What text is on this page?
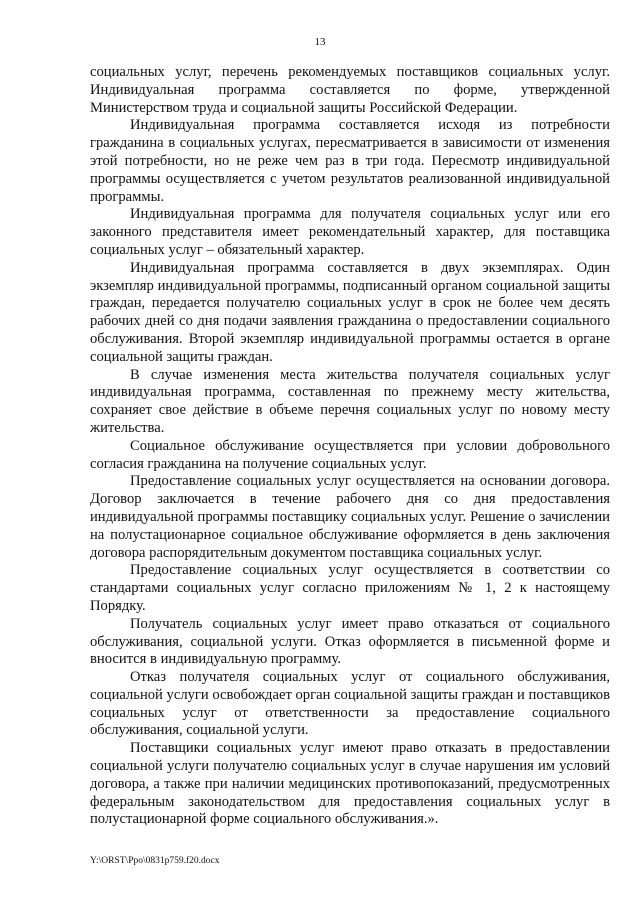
13

социальных услуг, перечень рекомендуемых поставщиков социальных услуг. Индивидуальная программа составляется по форме, утвержденной Министерством труда и социальной защиты Российской Федерации.

Индивидуальная программа составляется исходя из потребности гражданина в социальных услугах, пересматривается в зависимости от изменения этой потребности, но не реже чем раз в три года. Пересмотр индивидуальной программы осуществляется с учетом результатов реализованной индивидуальной программы.

Индивидуальная программа для получателя социальных услуг или его законного представителя имеет рекомендательный характер, для поставщика социальных услуг – обязательный характер.

Индивидуальная программа составляется в двух экземплярах. Один экземпляр индивидуальной программы, подписанный органом социальной защиты граждан, передается получателю социальных услуг в срок не более чем десять рабочих дней со дня подачи заявления гражданина о предоставлении социального обслуживания. Второй экземпляр индивидуальной программы остается в органе социальной защиты граждан.

В случае изменения места жительства получателя социальных услуг индивидуальная программа, составленная по прежнему месту жительства, сохраняет свое действие в объеме перечня социальных услуг по новому месту жительства.

Социальное обслуживание осуществляется при условии добровольного согласия гражданина на получение социальных услуг.

Предоставление социальных услуг осуществляется на основании договора. Договор заключается в течение рабочего дня со дня предоставления индивидуальной программы поставщику социальных услуг. Решение о зачислении на полустационарное социальное обслуживание оформляется в день заключения договора распорядительным документом поставщика социальных услуг.

Предоставление социальных услуг осуществляется в соответствии со стандартами социальных услуг согласно приложениям № 1, 2 к настоящему Порядку.

Получатель социальных услуг имеет право отказаться от социального обслуживания, социальной услуги. Отказ оформляется в письменной форме и вносится в индивидуальную программу.

Отказ получателя социальных услуг от социального обслуживания, социальной услуги освобождает орган социальной защиты граждан и поставщиков социальных услуг от ответственности за предоставление социального обслуживания, социальной услуги.

Поставщики социальных услуг имеют право отказать в предоставлении социальной услуги получателю социальных услуг в случае нарушения им условий договора, а также при наличии медицинских противопоказаний, предусмотренных федеральным законодательством для предоставления социальных услуг в полустационарной форме социального обслуживания.».

Y:\ORST\Ppo\0831p759.f20.docx
